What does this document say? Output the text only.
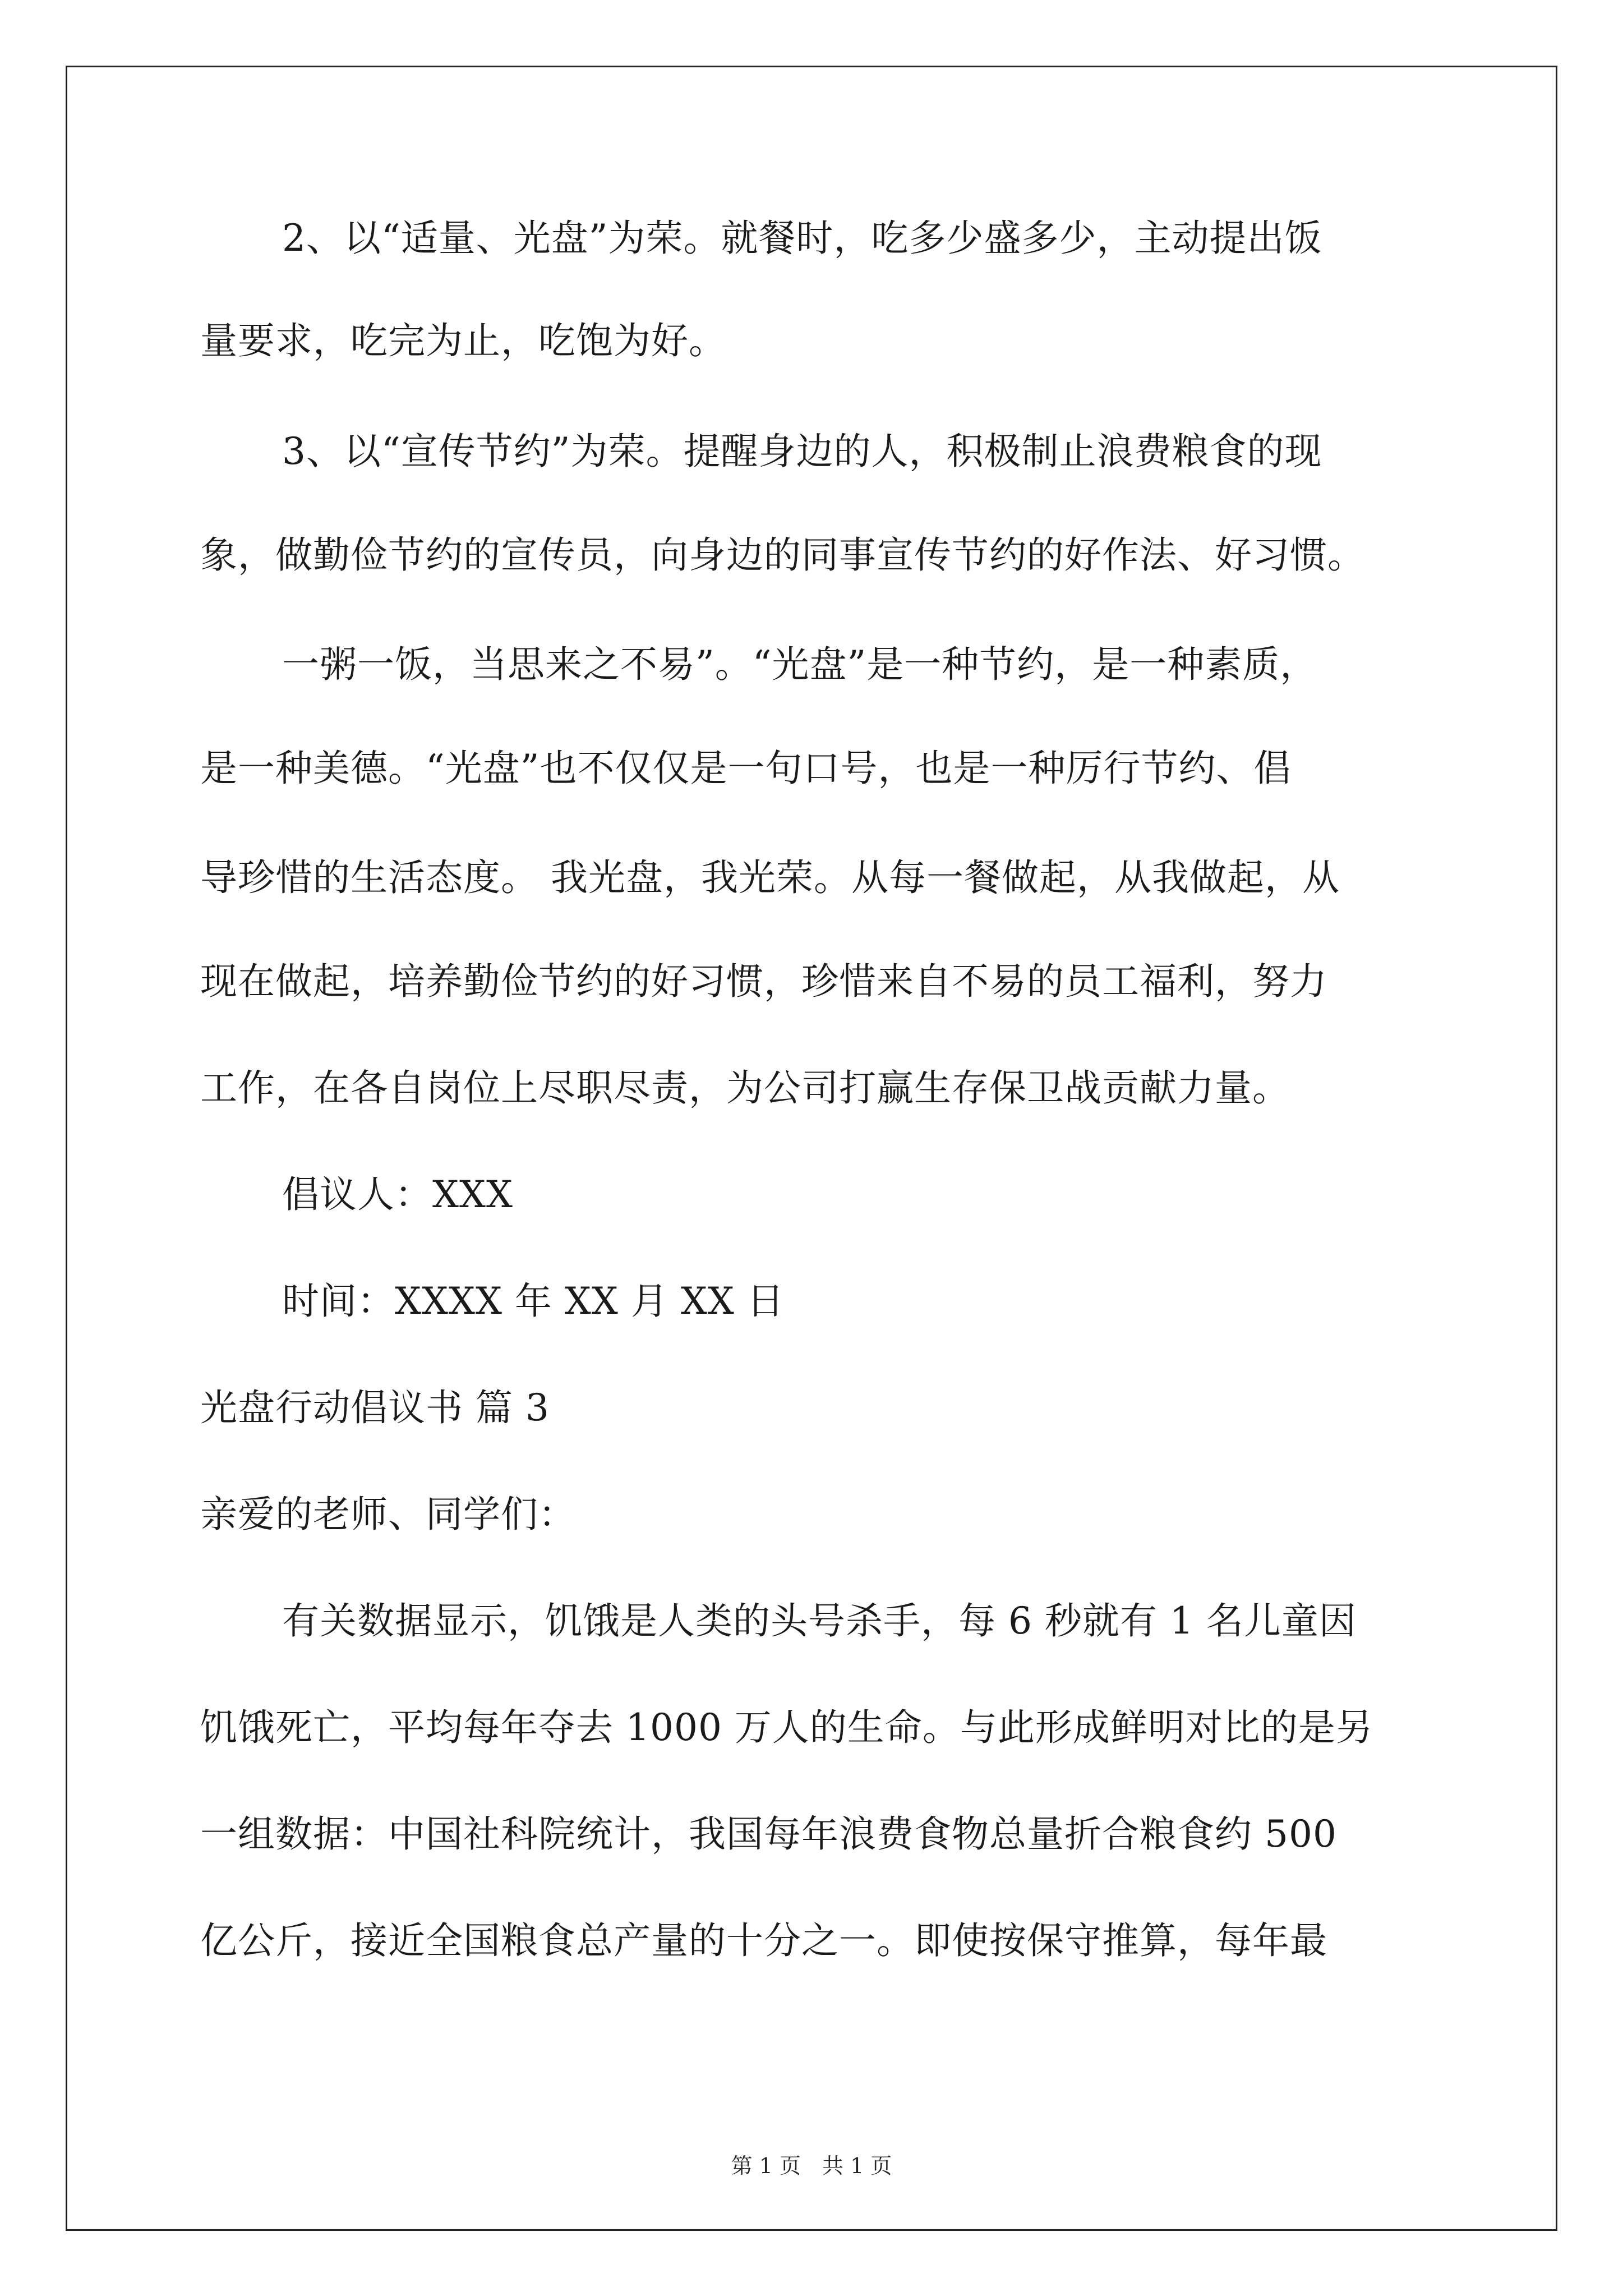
2、以“适量、光盘”为荣。就餐时，吃多少盛多少，主动提出饭
量要求，吃完为止，吃饱为好。
3、以“宣传节约”为荣。提醒身边的人，积极制止浪费粮食的现
象，做勤俭节约的宣传员，向身边的同事宣传节约的好作法、好习惯。
一粥一饭，当思来之不易”。“光盘”是一种节约，是一种素质，
是一种美德。“光盘”也不仅仅是一句口号，也是一种厉行节约、倡
导珍惜的生活态度。 我光盘，我光荣。从每一餐做起，从我做起，从
现在做起，培养勤俭节约的好习惯，珍惜来自不易的员工福利，努力
工作，在各自岗位上尽职尽责，为公司打赢生存保卫战贡献力量。
倡议人：XXX
时间：XXXX 年 XX 月 XX 日
光盘行动倡议书 篇 3
亲爱的老师、同学们：
有关数据显示，饥饿是人类的头号杀手，每 6 秒就有 1 名儿童因
饥饿死亡，平均每年夺去 1000 万人的生命。与此形成鲜明对比的是另
一组数据：中国社科院统计，我国每年浪费食物总量折合粮食约 500
亿公斤，接近全国粮食总产量的十分之一。即使按保守推算，每年最
第 1 页　共 1 页
